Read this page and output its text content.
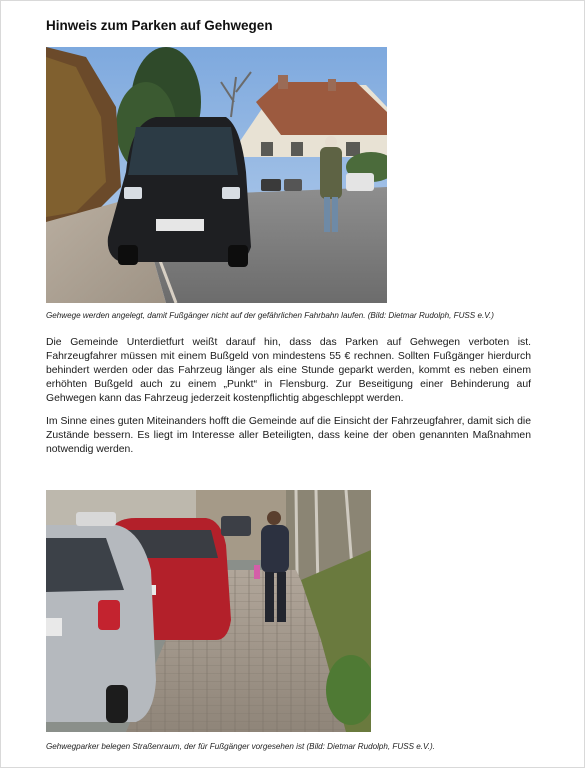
Hinweis zum Parken auf Gehwegen
Gehwege werden angelegt, damit Fußgänger nicht auf der gefährlichen Fahrbahn laufen. (Bild: Dietmar Rudolph, FUSS e.V.)

Die Gemeinde Unterdietfurt weißt darauf hin, dass das Parken auf Gehwegen verboten ist. Fahrzeugfahrer müssen mit einem Bußgeld von mindestens 55 € rechnen. Sollten Fußgänger hierdurch behindert werden oder das Fahrzeug länger als eine Stunde geparkt werden, kommt es neben einem erhöhten Bußgeld auch zu einem „Punkt“ in Flensburg. Zur Beseitigung einer Behinderung auf Gehwegen kann das Fahrzeug jederzeit kostenpflichtig abgeschleppt werden.

Im Sinne eines guten Miteinanders hofft die Gemeinde auf die Einsicht der Fahrzeugfahrer, damit sich die Zustände bessern. Es liegt im Interesse aller Beteiligten, dass keine der oben genannten Maßnahmen notwendig werden.

Gehwegparker belegen Straßenraum, der für Fußgänger vorgesehen ist (Bild: Dietmar Rudolph, FUSS e.V.).
